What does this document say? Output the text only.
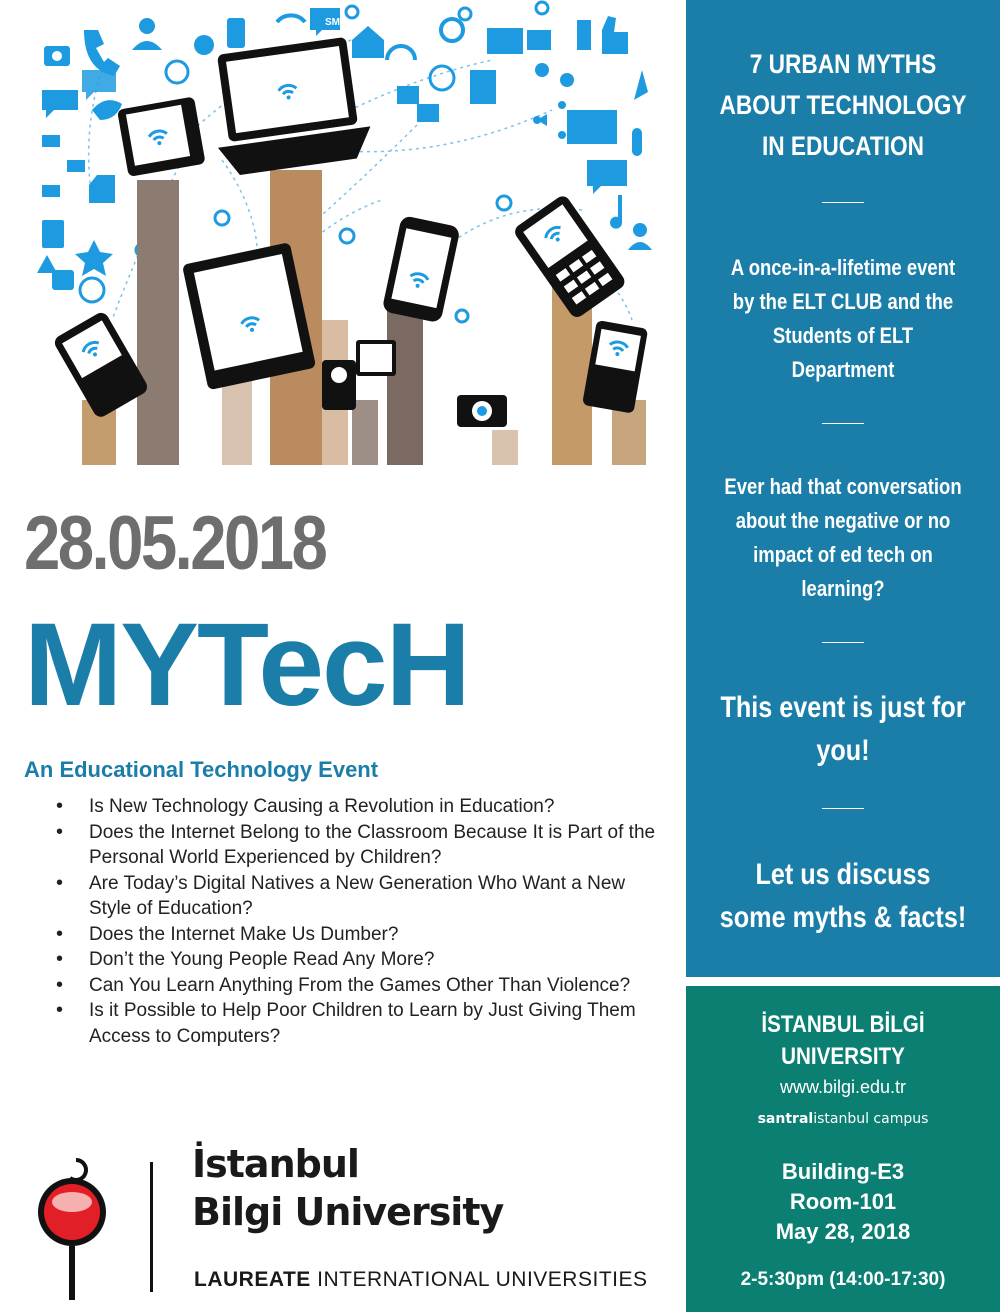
SMS
28.05.2018
MYTecH
An Educational Technology Event
• Is New Technology Causing a Revolution in Education?
• Does the Internet Belong to the Classroom Because It is Part of the Personal World Experienced by Children?
• Are Today’s Digital Natives a New Generation Who Want a New Style of Education?
• Does the Internet Make Us Dumber?
• Don’t the Young People Read Any More?
• Can You Learn Anything From the Games Other Than Violence?
• Is it Possible to Help Poor Children to Learn by Just Giving Them Access to Computers?
İstanbul
Bilgi University
LAUREATE INTERNATIONAL UNIVERSITIES
7 URBAN MYTHS ABOUT TECHNOLOGY IN EDUCATION
A once-in-a-lifetime event by the ELT CLUB and the Students of ELT Department
Ever had that conversation about the negative or no impact of ed tech on learning?
This event is just for you!
Let us discuss some myths & facts!
İSTANBUL BİLGİ UNIVERSITY
www.bilgi.edu.tr
santralistanbul campus
Building-E3
Room-101
May 28, 2018
2-5:30pm (14:00-17:30)
